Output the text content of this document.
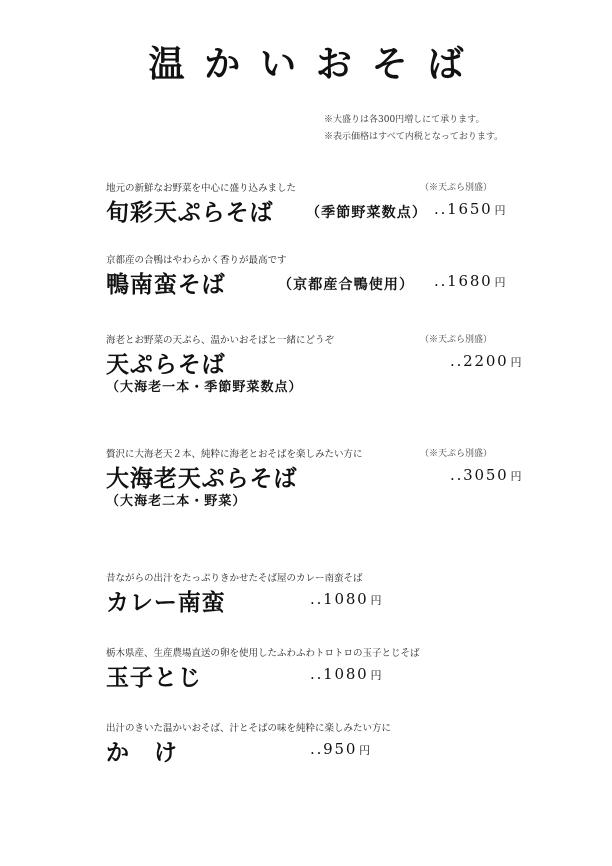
温かいおそば
※大盛りは各300円増しにて承ります。
※表示価格はすべて内税となっております。
地元の新鮮なお野菜を中心に盛り込みました	（※天ぷら別盛）
旬彩天ぷらそば （季節野菜数点） ..1650 円
京都産の合鴨はやわらかく香りが最高です
鴨南蛮そば	（京都産合鴨使用） ..1680 円
海老とお野菜の天ぷら、温かいおそばと一緒にどうぞ	（※天ぷら別盛）
天ぷらそば	..2200 円
（大海老一本・季節野菜数点）
贅沢に大海老天２本、純粋に海老とおそばを楽しみたい方に	（※天ぷら別盛）
大海老天ぷらそば	..3050 円
（大海老二本・野菜）
昔ながらの出汁をたっぷりきかせたそば屋のカレー南蛮そば
カレー南蛮	..1080 円
栃木県産、生産農場直送の卵を使用したふわふわトロトロの玉子とじそば
玉子とじ	..1080 円
出汁のきいた温かいおそば、汁とそばの味を純粋に楽しみたい方に
か　け	..950 円
